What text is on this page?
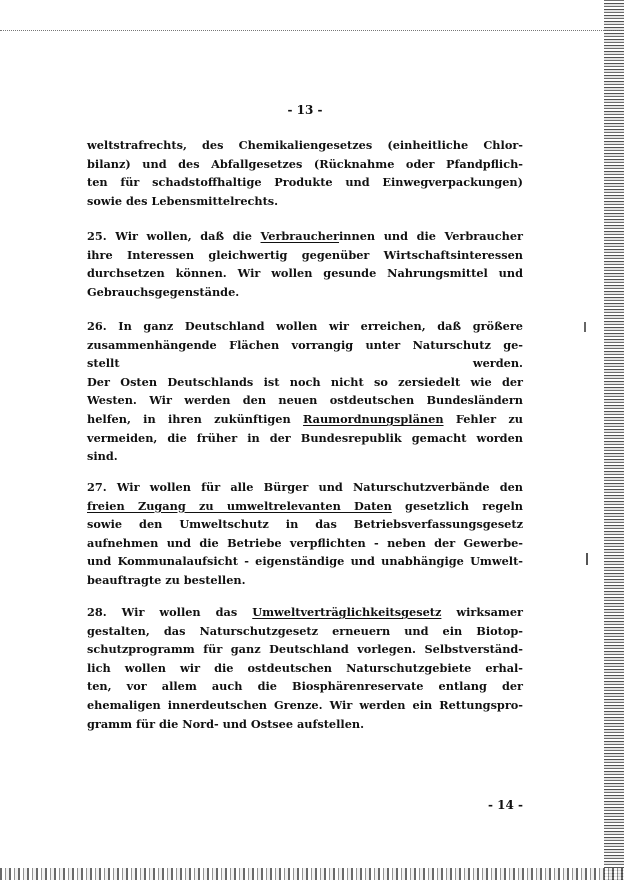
- 13 -
weltstrafrechts, des Chemikaliengesetzes (einheitliche Chlor-
bilanz) und des Abfallgesetzes (Rücknahme oder Pfandpflich-
ten für schadstoffhaltige Produkte und Einwegverpackungen)
sowie des Lebensmittelrechts.
25. Wir wollen, daß die Verbraucherinnen und die Verbraucher
ihre Interessen gleichwertig gegenüber Wirtschaftsinteressen
durchsetzen können. Wir wollen gesunde Nahrungsmittel und
Gebrauchsgegenstände.
26. In ganz Deutschland wollen wir erreichen, daß größere
zusammenhängende Flächen vorrangig unter Naturschutz ge-
stellt werden.
Der Osten Deutschlands ist noch nicht so zersiedelt wie der
Westen. Wir werden den neuen ostdeutschen Bundesländern
helfen, in ihren zukünftigen Raumordnungsplänen Fehler zu
vermeiden, die früher in der Bundesrepublik gemacht worden
sind.
27. Wir wollen für alle Bürger und Naturschutzverbände den
freien Zugang zu umweltrelevanten Daten gesetzlich regeln
sowie den Umweltschutz in das Betriebsverfassungsgesetz
aufnehmen und die Betriebe verpflichten - neben der Gewerbe-
und Kommunalaufsicht - eigenständige und unabhängige Umwelt-
beauftragte zu bestellen.
28. Wir wollen das Umweltverträglichkeitsgesetz wirksamer
gestalten, das Naturschutzgesetz erneuern und ein Biotop-
schutzprogramm für ganz Deutschland vorlegen. Selbstverständ-
lich wollen wir die ostdeutschen Naturschutzgebiete erhal-
ten, vor allem auch die Biosphärenreservate entlang der
ehemaligen innerdeutschen Grenze. Wir werden ein Rettungspro-
gramm für die Nord- und Ostsee aufstellen.
- 14 -
